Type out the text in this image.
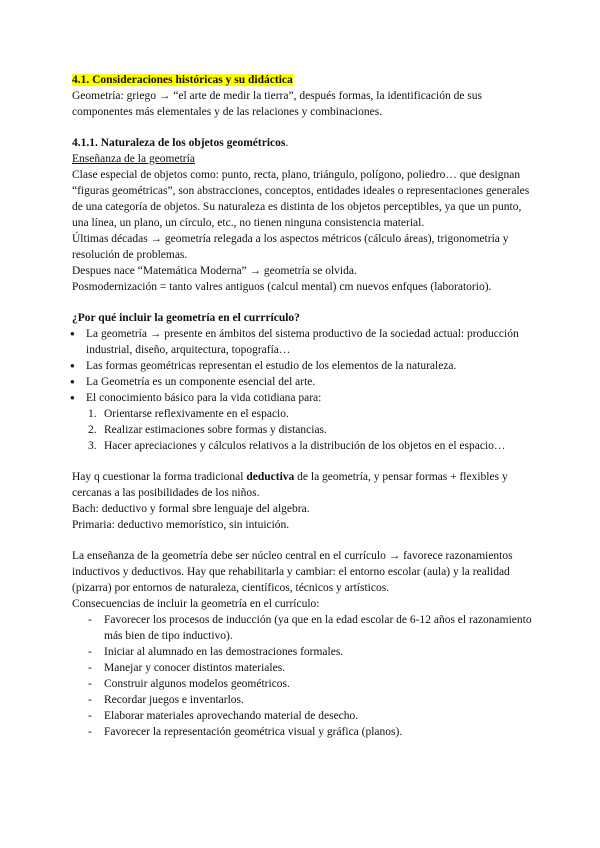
4.1. Consideraciones históricas y su didáctica

Geometría: griego → “el arte de medir la tierra”, después formas, la identificación de sus componentes más elementales y de las relaciones y combinaciones.

4.1.1. Naturaleza de los objetos geométricos.

Enseñanza de la geometría

Clase especial de objetos como: punto, recta, plano, triángulo, polígono, poliedro… que designan “figuras geométricas”, son abstracciones, conceptos, entidades ideales o representaciones generales de una categoría de objetos. Su naturaleza es distinta de los objetos perceptibles, ya que un punto, una línea, un plano, un círculo, etc., no tienen ninguna consistencia material.

Últimas décadas → geometría relegada a los aspectos métricos (cálculo áreas), trigonometría y resolución de problemas.

Despues nace “Matemática Moderna” → geometría se olvida.

Posmodernización = tanto valres antiguos (calcul mental) cm nuevos enfques (laboratorio).

¿Por qué incluir la geometría en el currrículo?

● La geometría → presente en ámbitos del sistema productivo de la sociedad actual: producción industrial, diseño, arquitectura, topografía…
● Las formas geométricas representan el estudio de los elementos de la naturaleza.
● La Geometría es un componente esencial del arte.
● El conocimiento básico para la vida cotidiana para:
1. Orientarse reflexivamente en el espacio.
2. Realizar estimaciones sobre formas y distancias.
3. Hacer apreciaciones y cálculos relativos a la distribución de los objetos en el espacio…

Hay q cuestionar la forma tradicional deductiva de la geometría, y pensar formas + flexibles y cercanas a las posibilidades de los niños.

Bach: deductivo y formal sbre lenguaje del algebra.

Primaria: deductivo memorístico, sin intuición.

La enseñanza de la geometría debe ser núcleo central en el currículo → favorece razonamientos inductivos y deductivos. Hay que rehabilitarla y cambiar: el entorno escolar (aula) y la realidad (pizarra) por entornos de naturaleza, científicos, técnicos y artísticos.

Consecuencias de incluir la geometría en el currículo:

- Favorecer los procesos de inducción (ya que en la edad escolar de 6-12 años el razonamiento más bien de tipo inductivo).
- Iniciar al alumnado en las demostraciones formales.
- Manejar y conocer distintos materiales.
- Construir algunos modelos geométricos.
- Recordar juegos e inventarlos.
- Elaborar materiales aprovechando material de desecho.
- Favorecer la representación geométrica visual y gráfica (planos).
